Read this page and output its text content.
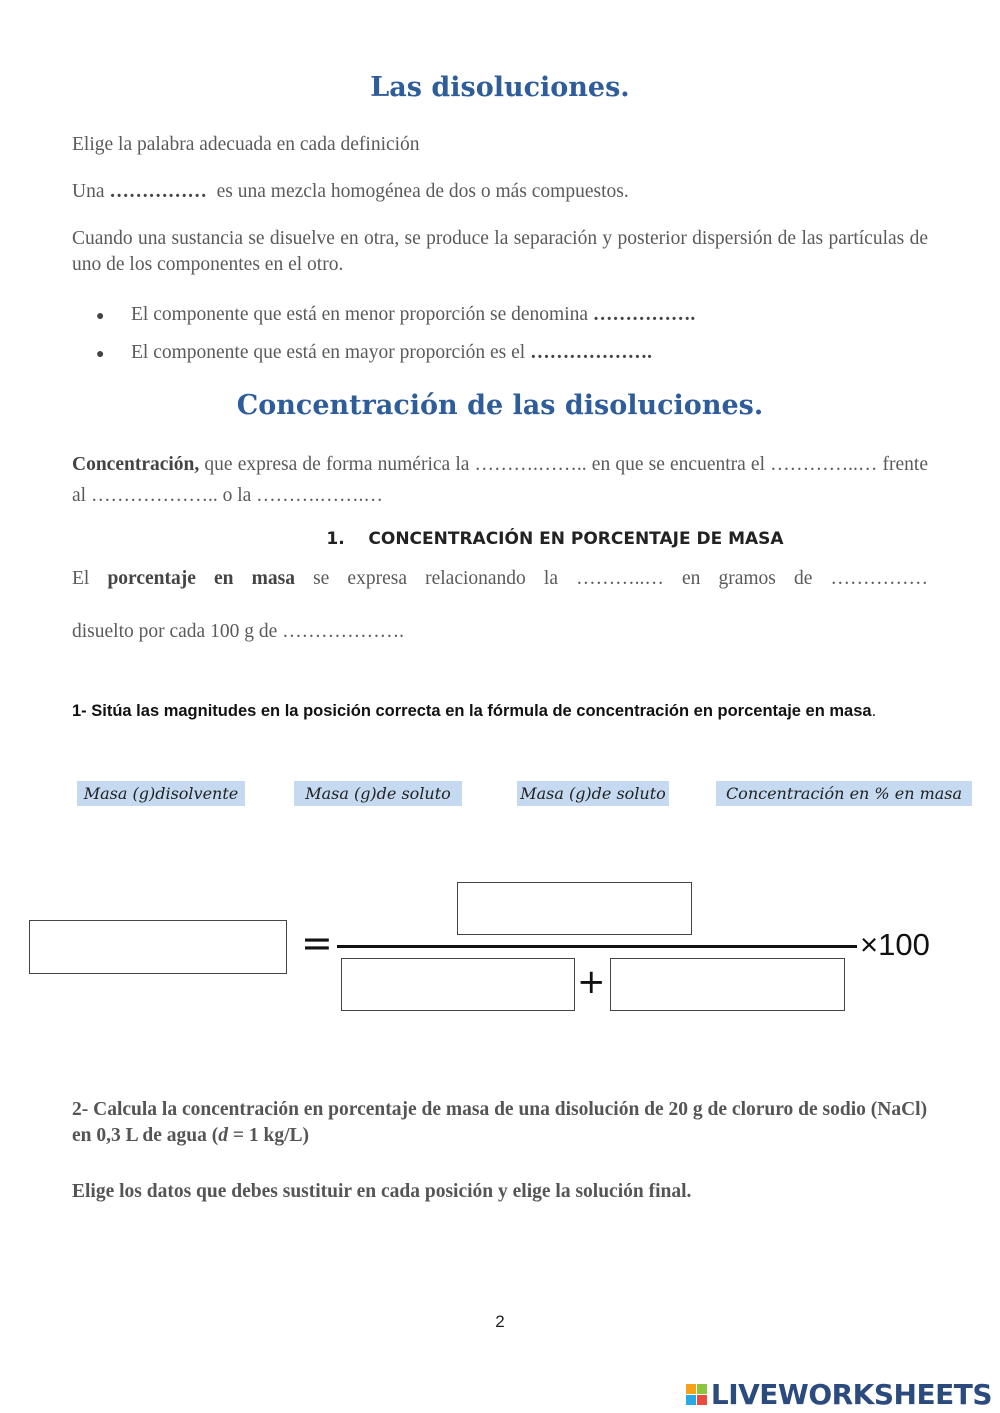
Las disoluciones.
Elige la palabra adecuada en cada definición
Una ……………  es una mezcla homogénea de dos o más compuestos.
Cuando una sustancia se disuelve en otra, se produce la separación y posterior dispersión de las partículas de uno de los componentes en el otro.
● El componente que está en menor proporción se denomina …………….
● El componente que está en mayor proporción es el ……………….
Concentración de las disoluciones.
Concentración, que expresa de forma numérica la ……….…….. en que se encuentra el …………..… frente al ……………….. o la ……….…….…
1. CONCENTRACIÓN EN PORCENTAJE DE MASA
El porcentaje en masa se expresa relacionando la ………..… en gramos de ……………
disuelto por cada 100 g de ……………….
1- Sitúa las magnitudes en la posición correcta en la fórmula de concentración en porcentaje en masa.
Masa (g)disolvente	Masa (g)de soluto	Masa (g)de soluto	Concentración en % en masa
=
+
×100
2- Calcula la concentración en porcentaje de masa de una disolución de 20 g de cloruro de sodio (NaCl) en 0,3 L de agua (d = 1 kg/L)
Elige los datos que debes sustituir en cada posición y elige la solución final.
2
LIVEWORKSHEETS
